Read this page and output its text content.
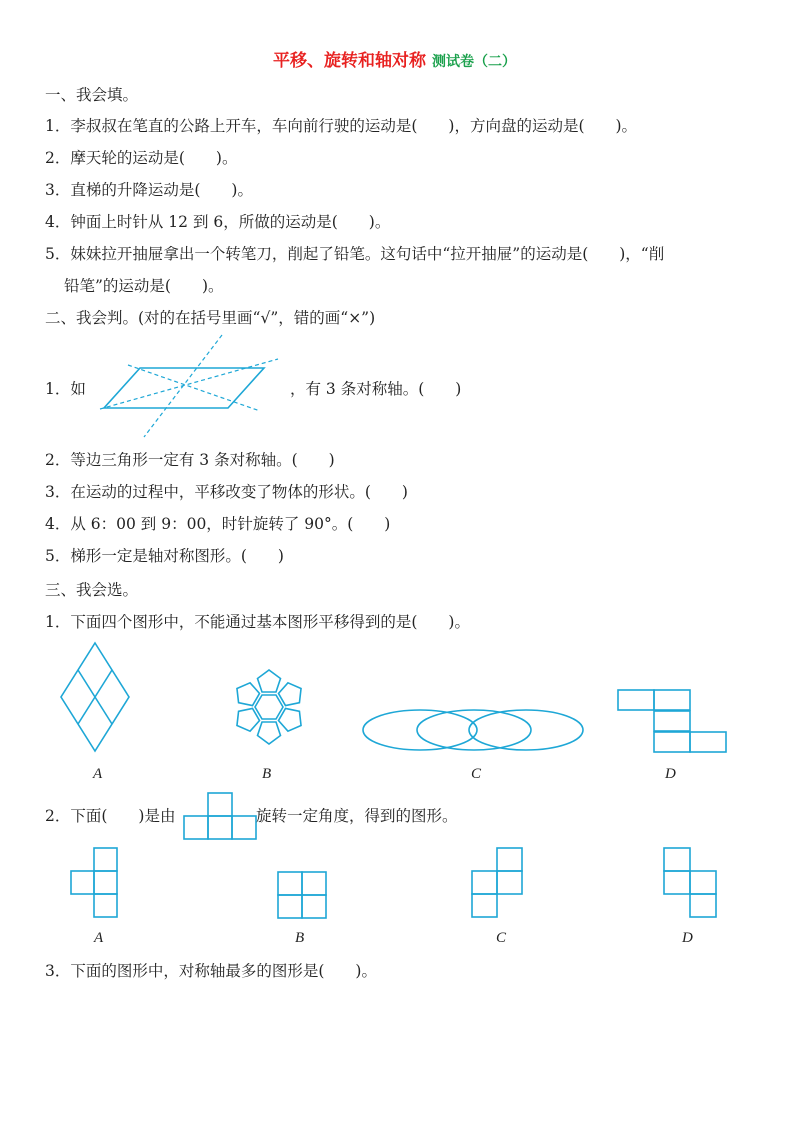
平移、旋转和轴对称 测试卷（二）
一、我会填。
1．李叔叔在笔直的公路上开车，车向前行驶的运动是(　　)，方向盘的运动是(　　)。
2．摩天轮的运动是(　　)。
3．直梯的升降运动是(　　)。
4．钟面上时针从 12 到 6，所做的运动是(　　)。
5．妹妹拉开抽屉拿出一个转笔刀，削起了铅笔。这句话中“拉开抽屉”的运动是(　　)，“削
铅笔”的运动是(　　)。
二、我会判。(对的在括号里画“√”，错的画“×”)
1．如	，有 3 条对称轴。(　　)
2．等边三角形一定有 3 条对称轴。(　　)
3．在运动的过程中，平移改变了物体的形状。(　　)
4．从 6：00 到 9：00，时针旋转了 90°。(　　)
5．梯形一定是轴对称图形。(　　)
三、我会选。
1．下面四个图形中，不能通过基本图形平移得到的是(　　)。
A	B	C	D
2．下面(　　)是由	旋转一定角度，得到的图形。
A	B	C	D
3．下面的图形中，对称轴最多的图形是(　　)。
